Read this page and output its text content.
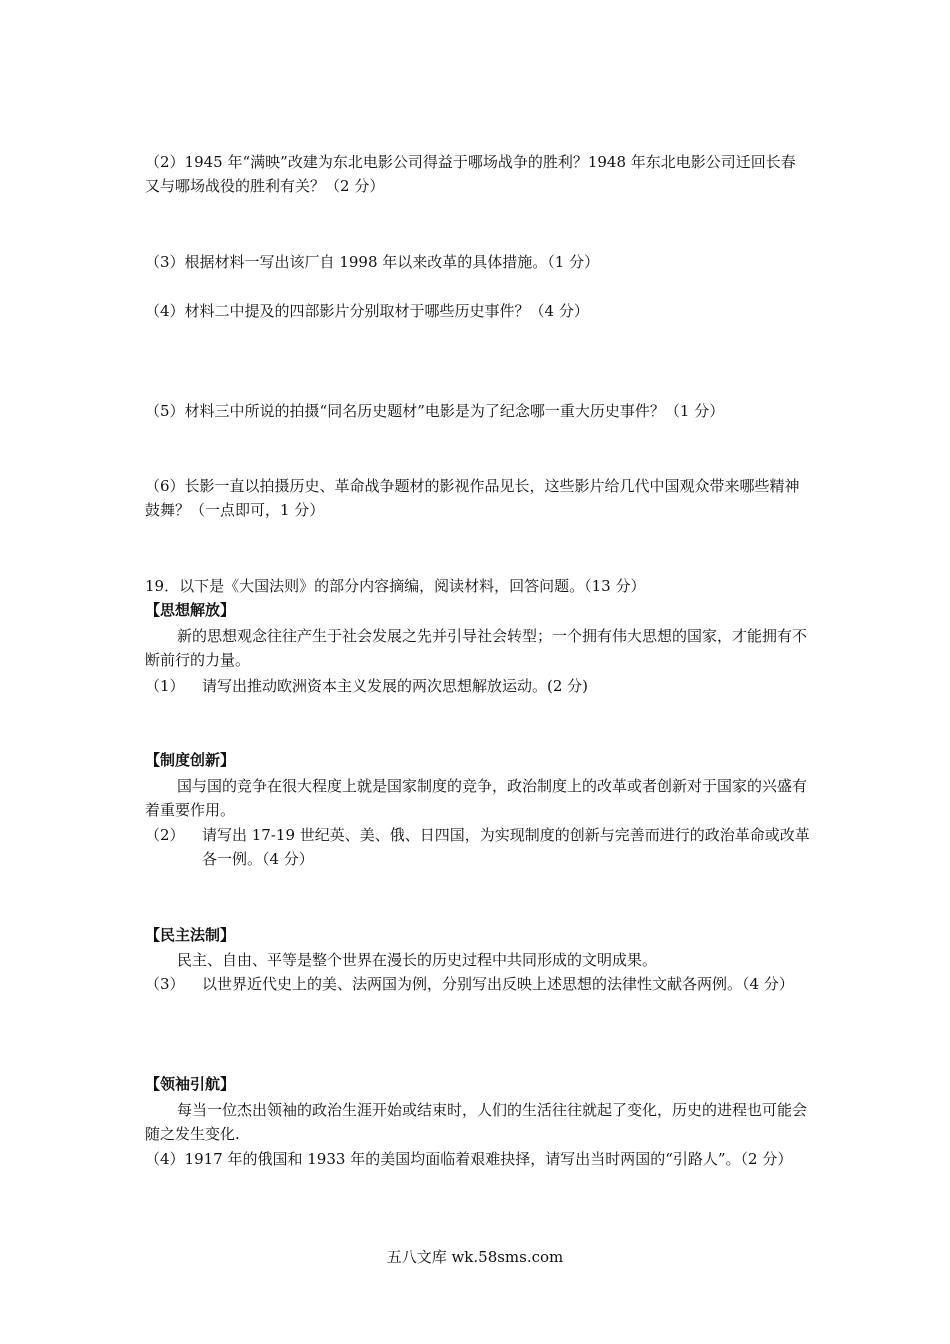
（2）1945 年“满映”改建为东北电影公司得益于哪场战争的胜利？1948 年东北电影公司迁回长春又与哪场战役的胜利有关？（2 分）

（3）根据材料一写出该厂自 1998 年以来改革的具体措施。（1 分）

（4）材料二中提及的四部影片分别取材于哪些历史事件？（4 分）

（5）材料三中所说的拍摄“同名历史题材”电影是为了纪念哪一重大历史事件？（1 分）

（6）长影一直以拍摄历史、革命战争题材的影视作品见长，这些影片给几代中国观众带来哪些精神鼓舞？（一点即可，1 分）

19．以下是《大国法则》的部分内容摘编，阅读材料，回答问题。（13 分）

【思想解放】

新的思想观念往往产生于社会发展之先并引导社会转型；一个拥有伟大思想的国家，才能拥有不断前行的力量。

（1） 请写出推动欧洲资本主义发展的两次思想解放运动。(2 分)
【制度创新】

国与国的竞争在很大程度上就是国家制度的竞争，政治制度上的改革或者创新对于国家的兴盛有着重要作用。

（2） 请写出 17-19 世纪英、美、俄、日四国，为实现制度的创新与完善而进行的政治革命或改革各一例。（4 分）
【民主法制】

民主、自由、平等是整个世界在漫长的历史过程中共同形成的文明成果。

（3） 以世界近代史上的美、法两国为例，分别写出反映上述思想的法律性文献各两例。（4 分）
【领袖引航】

每当一位杰出领袖的政治生涯开始或结束时，人们的生活往往就起了变化，历史的进程也可能会随之发生变化.

（4）1917 年的俄国和 1933 年的美国均面临着艰难抉择，请写出当时两国的“引路人”。（2 分）

五八文库 wk.58sms.com
